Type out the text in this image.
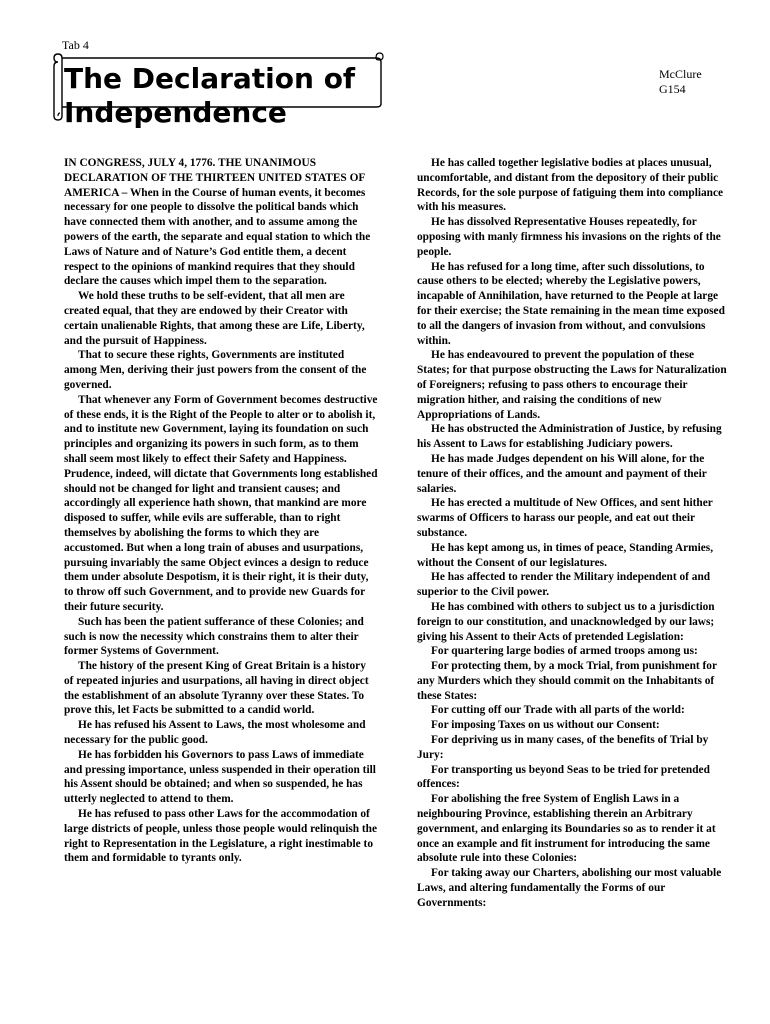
Tab 4
McClure
G154
The Declaration of Independence

IN CONGRESS, JULY 4, 1776. THE UNANIMOUS DECLARATION OF THE THIRTEEN UNITED STATES OF AMERICA – When in the Course of human events, it becomes necessary for one people to dissolve the political bands which have connected them with another, and to assume among the powers of the earth, the separate and equal station to which the Laws of Nature and of Nature’s God entitle them, a decent respect to the opinions of mankind requires that they should declare the causes which impel them to the separation.

We hold these truths to be self-evident, that all men are created equal, that they are endowed by their Creator with certain unalienable Rights, that among these are Life, Liberty, and the pursuit of Happiness.

That to secure these rights, Governments are instituted among Men, deriving their just powers from the consent of the governed.

That whenever any Form of Government becomes destructive of these ends, it is the Right of the People to alter or to abolish it, and to institute new Government, laying its foundation on such principles and organizing its powers in such form, as to them shall seem most likely to effect their Safety and Happiness. Prudence, indeed, will dictate that Governments long established should not be changed for light and transient causes; and accordingly all experience hath shown, that mankind are more disposed to suffer, while evils are sufferable, than to right themselves by abolishing the forms to which they are accustomed. But when a long train of abuses and usurpations, pursuing invariably the same Object evinces a design to reduce them under absolute Despotism, it is their right, it is their duty, to throw off such Government, and to provide new Guards for their future security.

Such has been the patient sufferance of these Colonies; and such is now the necessity which constrains them to alter their former Systems of Government.

The history of the present King of Great Britain is a history of repeated injuries and usurpations, all having in direct object the establishment of an absolute Tyranny over these States. To prove this, let Facts be submitted to a candid world.

He has refused his Assent to Laws, the most wholesome and necessary for the public good.

He has forbidden his Governors to pass Laws of immediate and pressing importance, unless suspended in their operation till his Assent should be obtained; and when so suspended, he has utterly neglected to attend to them.

He has refused to pass other Laws for the accommodation of large districts of people, unless those people would relinquish the right to Representation in the Legislature, a right inestimable to them and formidable to tyrants only.

He has called together legislative bodies at places unusual, uncomfortable, and distant from the depository of their public Records, for the sole purpose of fatiguing them into compliance with his measures.

He has dissolved Representative Houses repeatedly, for opposing with manly firmness his invasions on the rights of the people.

He has refused for a long time, after such dissolutions, to cause others to be elected; whereby the Legislative powers, incapable of Annihilation, have returned to the People at large for their exercise; the State remaining in the mean time exposed to all the dangers of invasion from without, and convulsions within.

He has endeavoured to prevent the population of these States; for that purpose obstructing the Laws for Naturalization of Foreigners; refusing to pass others to encourage their migration hither, and raising the conditions of new Appropriations of Lands.

He has obstructed the Administration of Justice, by refusing his Assent to Laws for establishing Judiciary powers.

He has made Judges dependent on his Will alone, for the tenure of their offices, and the amount and payment of their salaries.

He has erected a multitude of New Offices, and sent hither swarms of Officers to harass our people, and eat out their substance.

He has kept among us, in times of peace, Standing Armies, without the Consent of our legislatures.

He has affected to render the Military independent of and superior to the Civil power.

He has combined with others to subject us to a jurisdiction foreign to our constitution, and unacknowledged by our laws; giving his Assent to their Acts of pretended Legislation:

For quartering large bodies of armed troops among us:

For protecting them, by a mock Trial, from punishment for any Murders which they should commit on the Inhabitants of these States:

For cutting off our Trade with all parts of the world:

For imposing Taxes on us without our Consent:

For depriving us in many cases, of the benefits of Trial by Jury:

For transporting us beyond Seas to be tried for pretended offences:

For abolishing the free System of English Laws in a neighbouring Province, establishing therein an Arbitrary government, and enlarging its Boundaries so as to render it at once an example and fit instrument for introducing the same absolute rule into these Colonies:

For taking away our Charters, abolishing our most valuable Laws, and altering fundamentally the Forms of our Governments:
